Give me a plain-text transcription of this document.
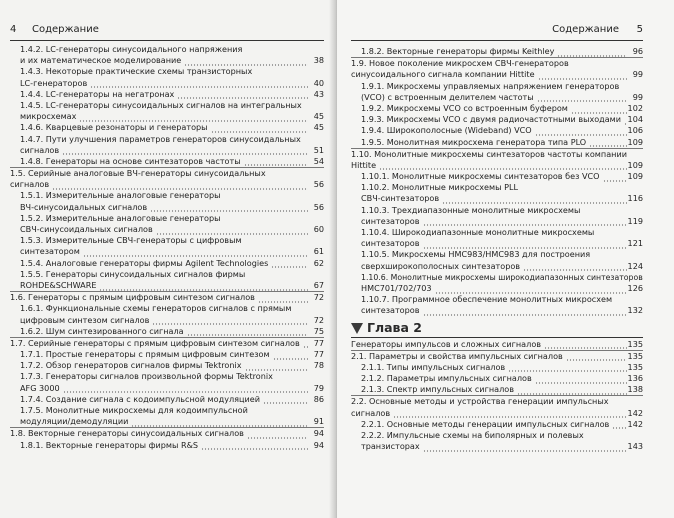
4 Содержание
1.4.2. LC-генераторы синусоидального напряжения
и их математическое моделирование	38
1.4.3. Некоторые практические схемы транзисторных
LC-генераторов	40
1.4.4. LC-генераторы на негатронах	43
1.4.5. LC-генераторы синусоидальных сигналов на интегральных
микросхемах	45
1.4.6. Кварцевые резонаторы и генераторы	45
1.4.7. Пути улучшения параметров генераторов синусоидальных
сигналов	51
1.4.8. Генераторы на основе синтезаторов частоты	54
1.5. Серийные аналоговые ВЧ-генераторы синусоидальных
сигналов	56
1.5.1. Измерительные аналоговые генераторы
ВЧ-синусоидальных сигналов	56
1.5.2. Измерительные аналоговые генераторы
СВЧ-синусоидальных сигналов	60
1.5.3. Измерительные СВЧ-генераторы с цифровым
синтезатором	61
1.5.4. Аналоговые генераторы фирмы Agilent Technologies	62
1.5.5. Генераторы синусоидальных сигналов фирмы
ROHDE&SCHWARE	67
1.6. Генераторы с прямым цифровым синтезом сигналов	72
1.6.1. Функциональные схемы генераторов сигналов с прямым
цифровым синтезом сигналов	72
1.6.2. Шум синтезированного сигнала	75
1.7. Серийные генераторы с прямым цифровым синтезом сигналов 77
1.7.1. Простые генераторы с прямым цифровым синтезом	77
1.7.2. Обзор генераторов сигналов фирмы Tektronix	78
1.7.3. Генераторы сигналов произвольной формы Tektronix
AFG 3000	79
1.7.4. Создание сигнала с кодоимпульсной модуляцией	86
1.7.5. Монолитные микросхемы для кодоимпульсной
модуляции/демодуляции	91
1.8. Векторные генераторы синусоидальных сигналов	94
1.8.1. Векторные генераторы фирмы R&S	94
Содержание 5
1.8.2. Векторные генераторы фирмы Keithley	96
1.9. Новое поколение микросхем СВЧ-генераторов
синусоидального сигнала компании Hittite	99
1.9.1. Микросхемы управляемых напряжением генераторов
(VCO) с встроенным делителем частоты	99
1.9.2. Микросхемы VCO со встроенным буфером	102
1.9.3. Микросхемы VCO с двумя радиочастотными выходами 104
1.9.4. Широкополосные (Wideband) VCO	106
1.9.5. Монолитная микросхема генератора типа PLO	109
1.10. Монолитные микросхемы синтезаторов частоты компании
Hittite	109
1.10.1. Монолитные микросхемы синтезаторов без VCO	109
1.10.2. Монолитные микросхемы PLL
СВЧ-синтезаторов	116
1.10.3. Трехдиапазонные монолитные микросхемы
синтезаторов	119
1.10.4. Широкодиапазонные монолитные микросхемы
синтезаторов	121
1.10.5. Микросхемы HMC983/HMC983 для построения
сверхширокополосных синтезаторов	124
1.10.6. Монолитные микросхемы широкодиапазонных синтезаторов
HMC701/702/703	126
1.10.7. Программное обеспечение монолитных микросхем
синтезаторов	132
Глава 2
Генераторы импульсов и сложных сигналов	135
2.1. Параметры и свойства импульсных сигналов	135
2.1.1. Типы импульсных сигналов	135
2.1.2. Параметры импульсных сигналов	136
2.1.3. Спектр импульсных сигналов	138
2.2. Основные методы и устройства генерации импульсных
сигналов	142
2.2.1. Основные методы генерации импульсных сигналов 142
2.2.2. Импульсные схемы на биполярных и полевых
транзисторах	143
